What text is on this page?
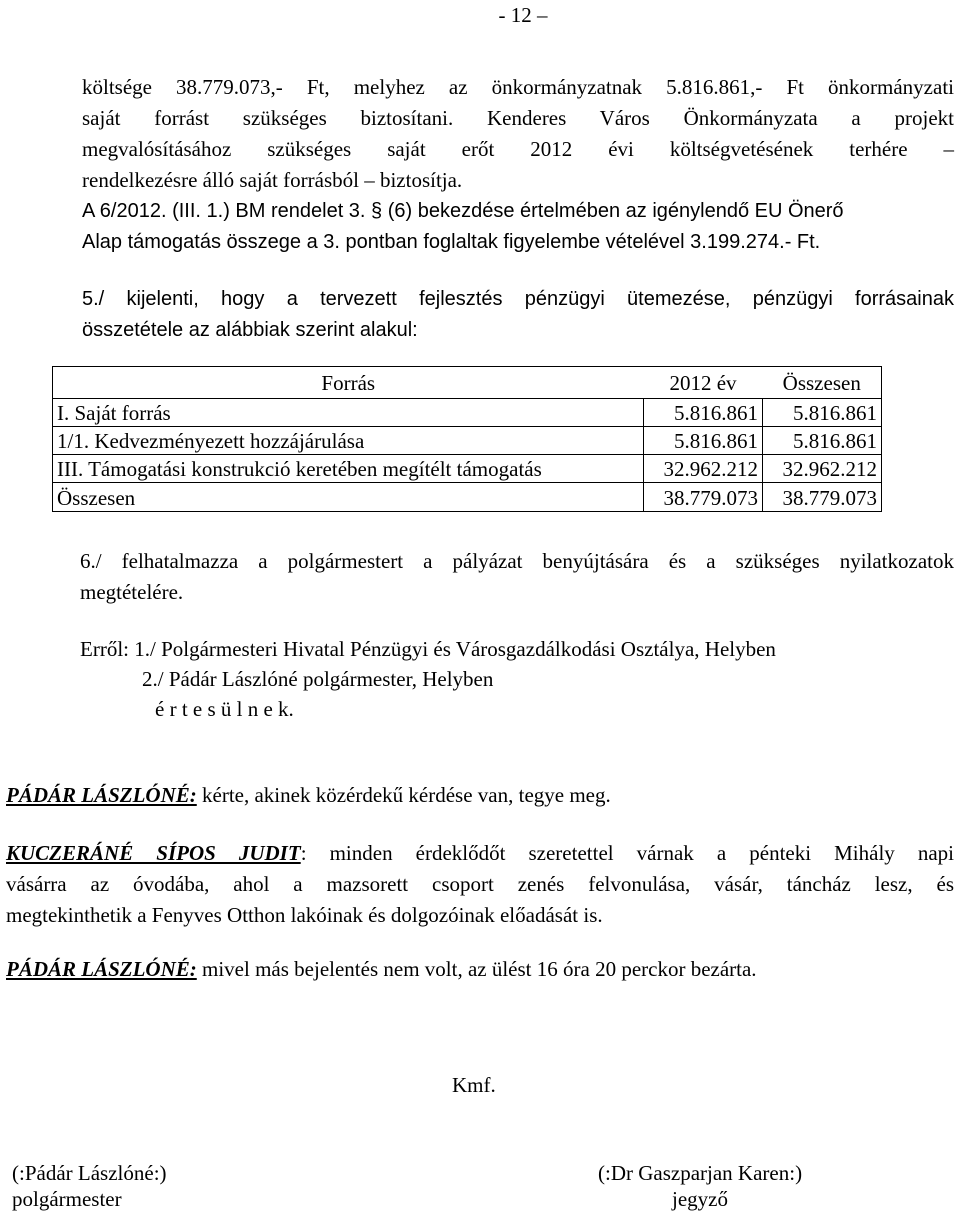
- 12 –
költsége 38.779.073,- Ft, melyhez az önkormányzatnak 5.816.861,- Ft önkormányzati
saját forrást szükséges biztosítani. Kenderes Város Önkormányzata a projekt
megvalósításához szükséges saját erőt 2012 évi költségvetésének terhére –
rendelkezésre álló saját forrásból – biztosítja.
A 6/2012. (III. 1.) BM rendelet 3. § (6) bekezdése értelmében az igénylendő EU Önerő
Alap támogatás összege a 3. pontban foglaltak figyelembe vételével 3.199.274.- Ft.
5./ kijelenti, hogy a tervezett fejlesztés pénzügyi ütemezése, pénzügyi forrásainak
összetétele az alábbiak szerint alakul:
Forrás	2012 év	Összesen
I. Saját forrás	5.816.861	5.816.861
1/1. Kedvezményezett hozzájárulása	5.816.861	5.816.861
III. Támogatási konstrukció keretében megítélt támogatás	32.962.212	32.962.212
Összesen	38.779.073	38.779.073
6./ felhatalmazza a polgármestert a pályázat benyújtására és a szükséges nyilatkozatok
megtételére.
Erről: 1./ Polgármesteri Hivatal Pénzügyi és Városgazdálkodási Osztálya, Helyben
2./ Pádár Lászlóné polgármester, Helyben
é r t e s ü l n e k.
PÁDÁR LÁSZLÓNÉ: kérte, akinek közérdekű kérdése van, tegye meg.
KUCZERÁNÉ SÍPOS JUDIT: minden érdeklődőt szeretettel várnak a pénteki Mihály napi
vásárra az óvodába, ahol a mazsorett csoport zenés felvonulása, vásár, táncház lesz, és
megtekinthetik a Fenyves Otthon lakóinak és dolgozóinak előadását is.
PÁDÁR LÁSZLÓNÉ: mivel más bejelentés nem volt, az ülést 16 óra 20 perckor bezárta.
Kmf.
(:Pádár Lászlóné:)
polgármester
(:Dr Gaszparjan Karen:)
jegyző
